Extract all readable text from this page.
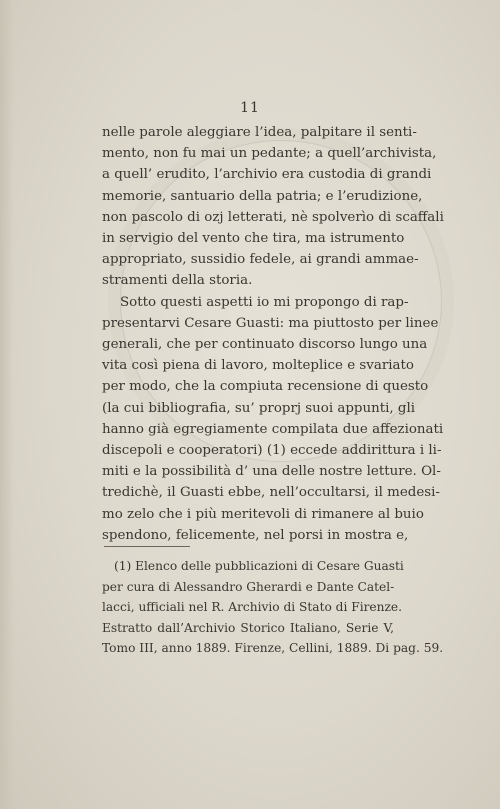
11
nelle parole aleggiare l’idea, palpitare il senti-
mento, non fu mai un pedante; a quell’archivista,
a quell’ erudito, l’archivio era custodia di grandi
memorie, santuario della patria; e l’erudizione,
non pascolo di ozj letterati, nè spolverìo di scaffali
in servigio del vento che tira, ma istrumento
appropriato, sussidio fedele, ai grandi ammae-
stramenti della storia.
Sotto questi aspetti io mi propongo di rap-
presentarvi Cesare Guasti: ma piuttosto per linee
generali, che per continuato discorso lungo una
vita così piena di lavoro, molteplice e svariato
per modo, che la compiuta recensione di questo
(la cui bibliografia, su’ proprj suoi appunti, gli
hanno già egregiamente compilata due affezionati
discepoli e cooperatori) (1) eccede addirittura i li-
miti e la possibilità d’ una delle nostre letture. Ol-
tredichè, il Guasti ebbe, nell’occultarsi, il medesi-
mo zelo che i più meritevoli di rimanere al buio
spendono, felicemente, nel porsi in mostra e,
(1) Elenco delle pubblicazioni di Cesare Guasti
per cura di Alessandro Gherardi e Dante Catel-
lacci, ufficiali nel R. Archivio di Stato di Firenze.
Estratto dall’Archivio Storico Italiano, Serie V,
Tomo III, anno 1889. Firenze, Cellini, 1889. Di pag. 59.
